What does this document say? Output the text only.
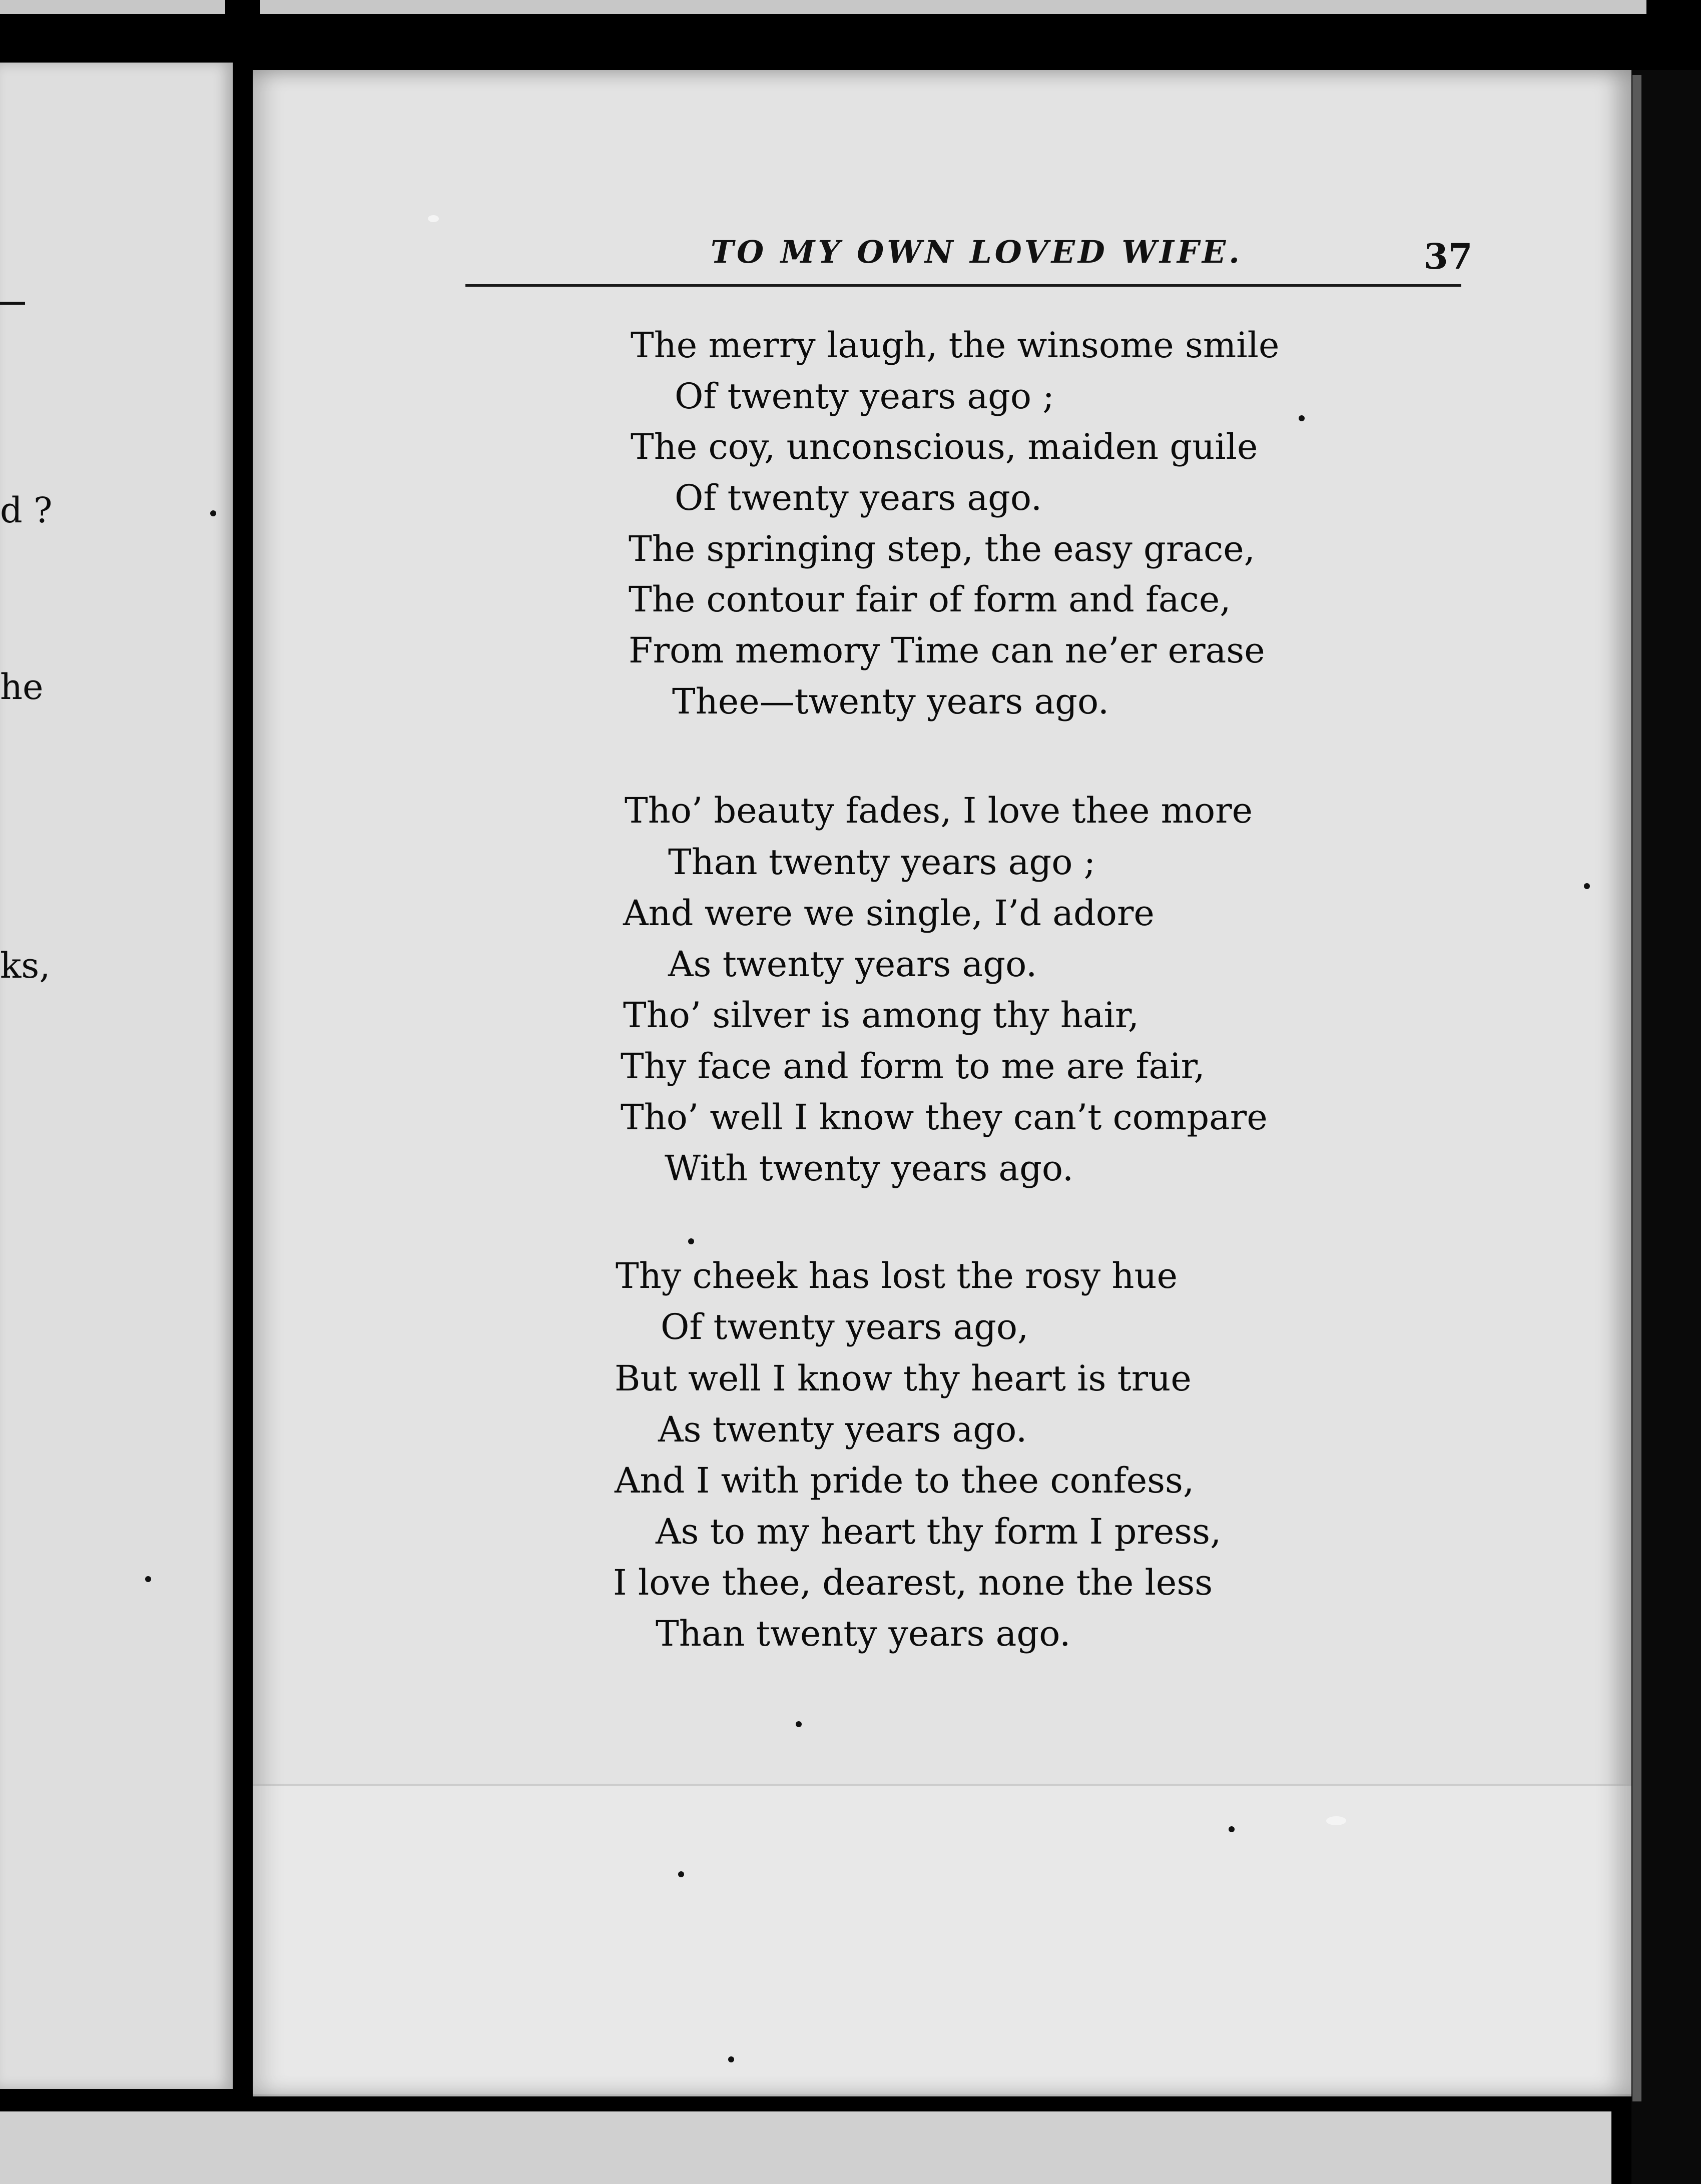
d ?

he

ks,

TO MY OWN LOVED WIFE.	37

The merry laugh, the winsome smile

Of twenty years ago ;

The coy, unconscious, maiden guile

Of twenty years ago.

The springing step, the easy grace,

The contour fair of form and face,

From memory Time can ne’er erase

Thee—twenty years ago.

Tho’ beauty fades, I love thee more

Than twenty years ago ;

And were we single, I’d adore

As twenty years ago.

Tho’ silver is among thy hair,

Thy face and form to me are fair,

Tho’ well I know they can’t compare

With twenty years ago.

Thy cheek has lost the rosy hue

Of twenty years ago,

But well I know thy heart is true

As twenty years ago.

And I with pride to thee confess,

As to my heart thy form I press,

I love thee, dearest, none the less

Than twenty years ago.
